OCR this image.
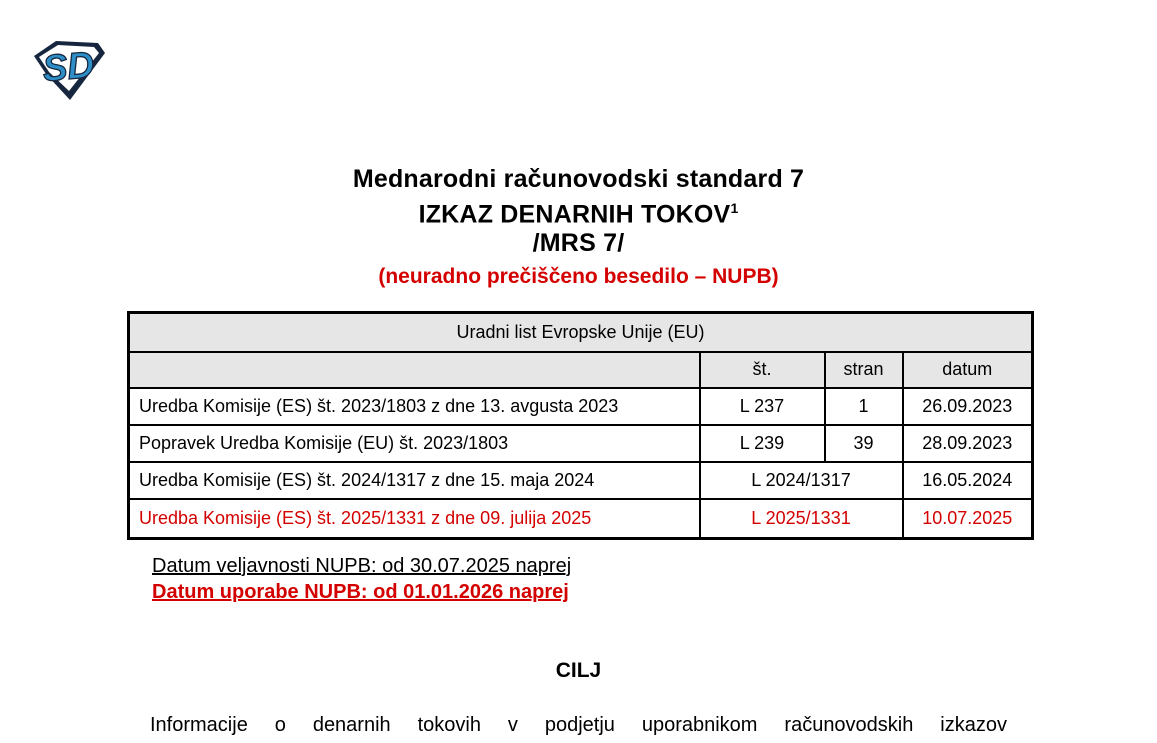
SD
Mednarodni računovodski standard 7
IZKAZ DENARNIH TOKOV$^1$
/MRS 7/
(neuradno prečiščeno besedilo – NUPB)
Uradni list Evropske Unije (EU)			
	št.	stran	datum
Uredba Komisije (ES) št. 2023/1803 z dne 13. avgusta 2023	L 237	1	26.09.2023
Popravek Uredba Komisije (EU) št. 2023/1803	L 239	39	28.09.2023
Uredba Komisije (ES) št. 2024/1317 z dne 15. maja 2024	L 2024/1317		16.05.2024
Uredba Komisije (ES) št. 2025/1331 z dne 09. julija 2025	L 2025/1331		10.07.2025
Datum veljavnosti NUPB: od 30.07.2025 naprej
Datum uporabe NUPB: od 01.01.2026 naprej
CILJ
Informacije o denarnih tokovih v podjetju uporabnikom računovodskih izkazov
